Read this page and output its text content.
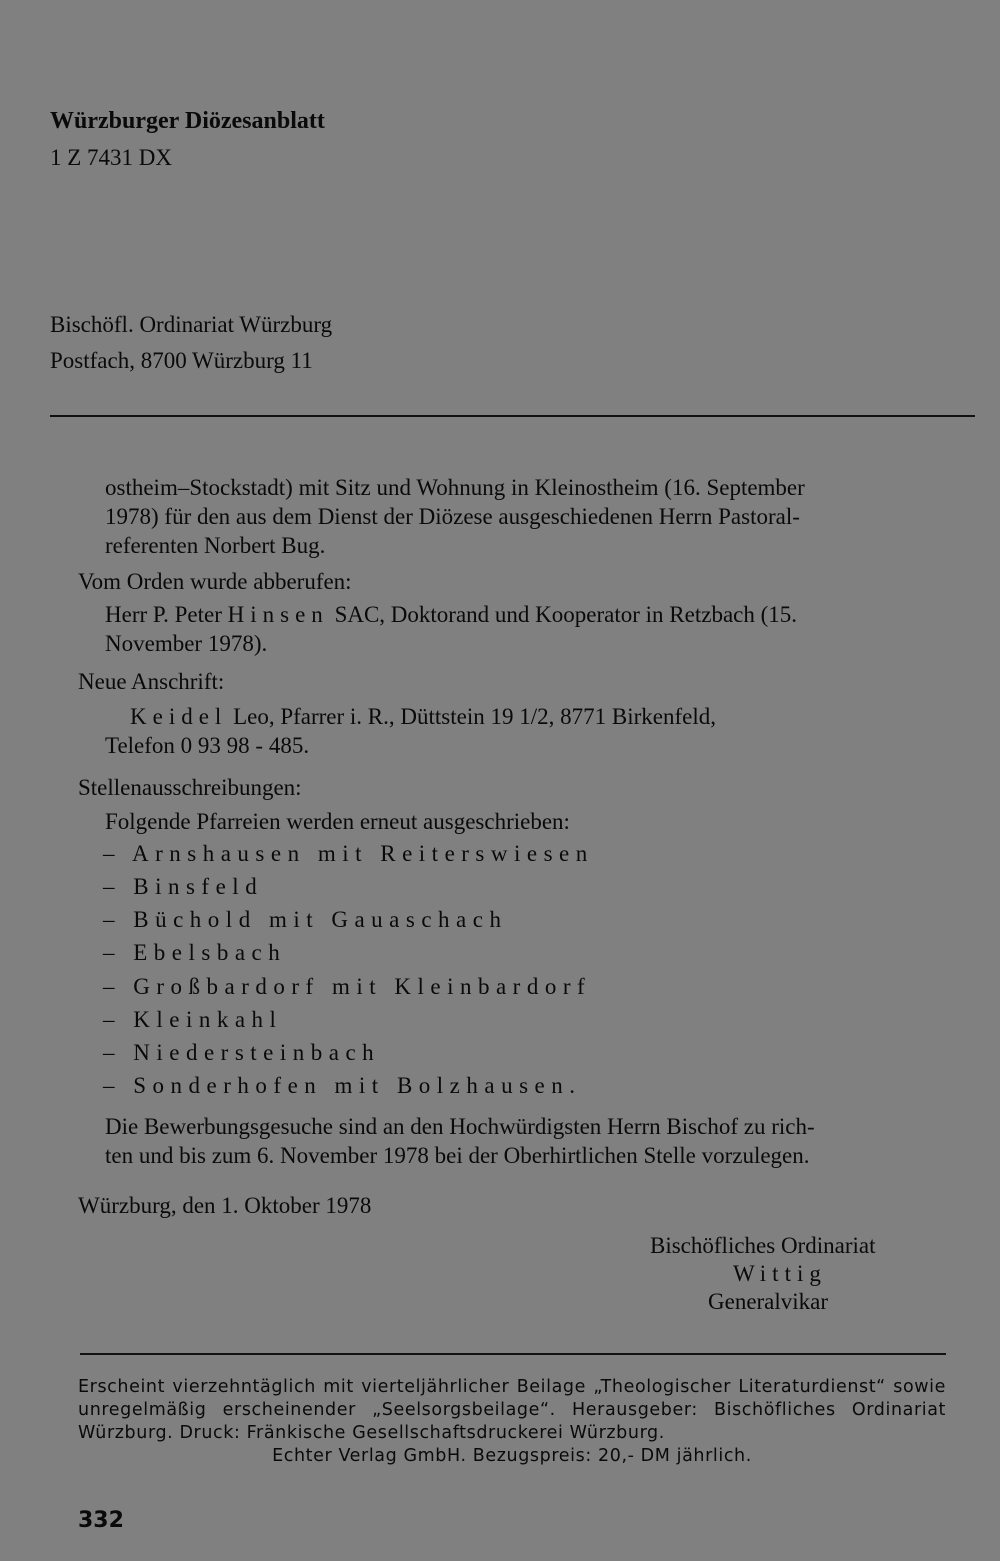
Würzburger Diözesanblatt
1 Z 7431 DX
Bischöfl. Ordinariat Würzburg
Postfach, 8700 Würzburg 11
ostheim–Stockstadt) mit Sitz und Wohnung in Kleinostheim (16. September
1978) für den aus dem Dienst der Diözese ausgeschiedenen Herrn Pastoral-
referenten Norbert Bug.
Vom Orden wurde abberufen:
Herr P. Peter Hinsen SAC, Doktorand und Kooperator in Retzbach (15.
November 1978).
Neue Anschrift:
Keidel Leo, Pfarrer i. R., Düttstein 19 1/2, 8771 Birkenfeld,
Telefon 0 93 98 - 485.
Stellenausschreibungen:
Folgende Pfarreien werden erneut ausgeschrieben:
– Arnshausen mit Reiterswiesen
– Binsfeld
– Büchold mit Gauaschach
– Ebelsbach
– Großbardorf mit Kleinbardorf
– Kleinkahl
– Niedersteinbach
– Sonderhofen mit Bolzhausen.
Die Bewerbungsgesuche sind an den Hochwürdigsten Herrn Bischof zu rich-
ten und bis zum 6. November 1978 bei der Oberhirtlichen Stelle vorzulegen.
Würzburg, den 1. Oktober 1978
Bischöfliches Ordinariat
Wittig
Generalvikar
Erscheint vierzehntäglich mit vierteljährlicher Beilage „Theologischer Literaturdienst“ sowie unregelmäßig erscheinender „Seelsorgsbeilage“. Herausgeber: Bischöfliches Ordinariat Würzburg. Druck: Fränkische Gesellschaftsdruckerei Würzburg.
Echter Verlag GmbH. Bezugspreis: 20,- DM jährlich.
332
